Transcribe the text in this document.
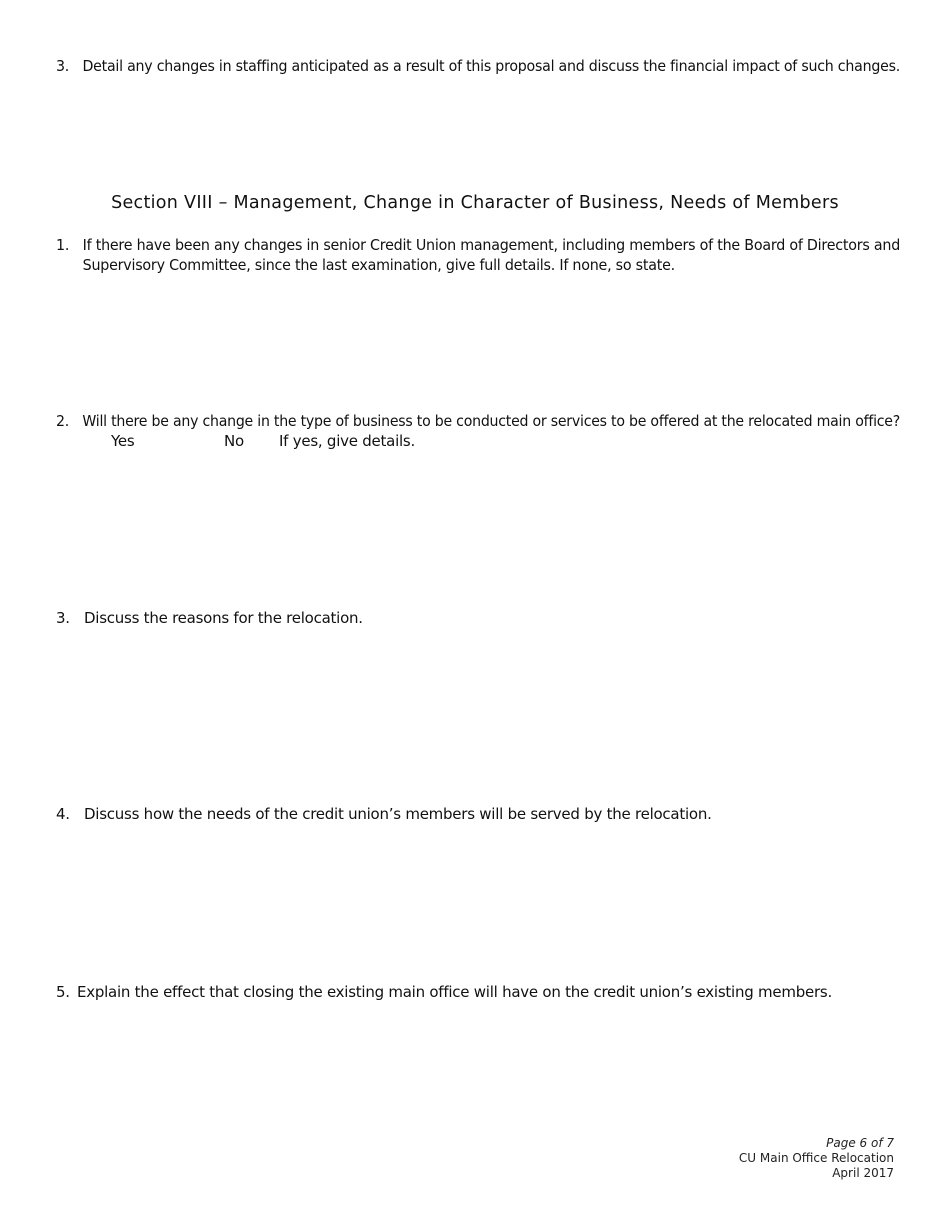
3. Detail any changes in staffing anticipated as a result of this proposal and discuss the financial impact of such changes.
Section VIII – Management, Change in Character of Business, Needs of Members
1. If there have been any changes in senior Credit Union management, including members of the Board of Directors and
Supervisory Committee, since the last examination, give full details. If none, so state.
2. Will there be any change in the type of business to be conducted or services to be offered at the relocated main office?
Yes	No If yes, give details.
3. Discuss the reasons for the relocation.
4. Discuss how the needs of the credit union’s members will be served by the relocation.
5. Explain the effect that closing the existing main office will have on the credit union’s existing members.
Page 6 of 7
CU Main Office Relocation
April 2017
